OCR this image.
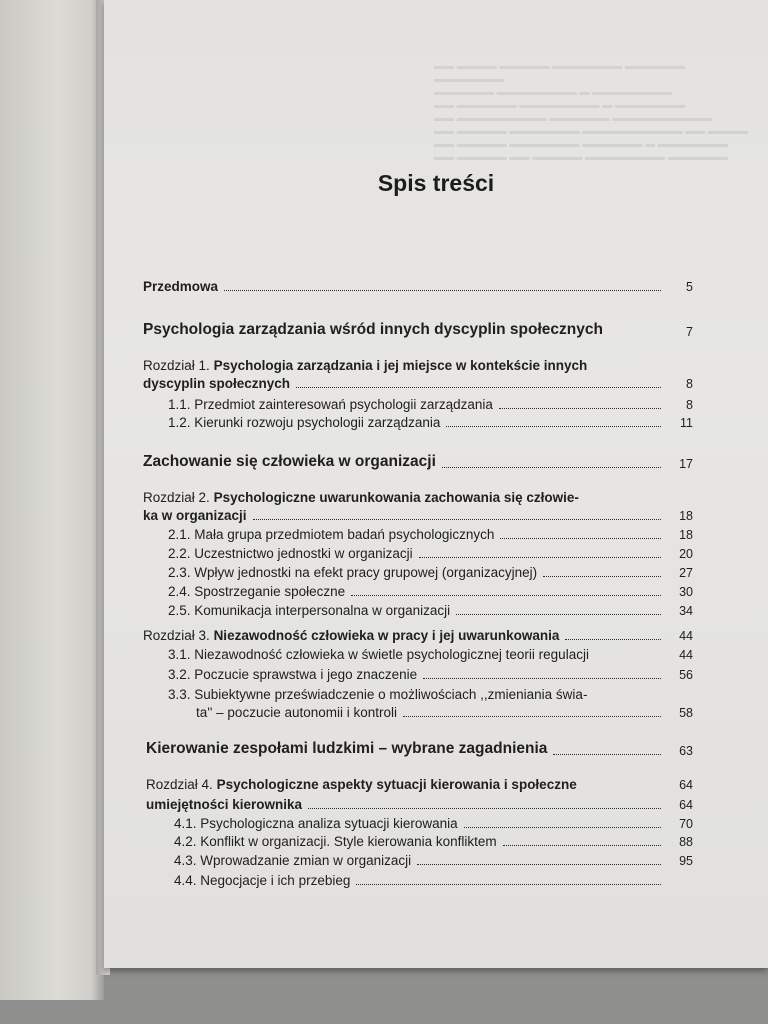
▬▬ ▬▬▬▬ ▬▬▬▬▬ ▬▬▬▬▬▬▬ ▬▬▬▬▬▬
▬▬▬▬▬▬▬
▬▬▬▬▬▬ ▬▬▬▬▬▬▬▬ ▬ ▬▬▬▬▬▬▬▬
▬▬ ▬▬▬▬▬▬ ▬▬▬▬▬▬▬▬ ▬ ▬▬▬▬▬▬▬
▬▬ ▬▬▬▬▬▬▬▬▬ ▬▬▬▬▬▬ ▬▬▬▬▬▬▬▬▬▬
▬▬ ▬▬▬▬▬ ▬▬▬▬▬▬▬ ▬▬▬▬▬▬▬▬▬▬ ▬▬ ▬▬▬▬
▬▬ ▬▬▬▬▬ ▬▬▬▬▬▬▬ ▬▬▬▬▬▬ ▬ ▬▬▬▬▬▬▬
▬▬ ▬▬▬▬▬ ▬▬ ▬▬▬▬▬ ▬▬▬▬▬▬▬▬ ▬▬▬▬▬▬
Spis treści
Przedmowa	5
Psychologia zarządzania wśród innych dyscyplin społecznych	7
Rozdział 1. Psychologia zarządzania i jej miejsce w kontekście innych
dyscyplin społecznych	8
1.1. Przedmiot zainteresowań psychologii zarządzania	8
1.2. Kierunki rozwoju psychologii zarządzania	11
Zachowanie się człowieka w organizacji	17
Rozdział 2. Psychologiczne uwarunkowania zachowania się człowie-
ka w organizacji	18
2.1. Mała grupa przedmiotem badań psychologicznych	18
2.2. Uczestnictwo jednostki w organizacji	20
2.3. Wpływ jednostki na efekt pracy grupowej (organizacyjnej)	27
2.4. Spostrzeganie społeczne	30
2.5. Komunikacja interpersonalna w organizacji	34
Rozdział 3. Niezawodność człowieka w pracy i jej uwarunkowania	44
3.1. Niezawodność człowieka w świetle psychologicznej teorii regulacji	44
3.2. Poczucie sprawstwa i jego znaczenie	56
3.3. Subiektywne przeświadczenie o możliwościach ,,zmieniania świa-
ta'' – poczucie autonomii i kontroli	58
Kierowanie zespołami ludzkimi – wybrane zagadnienia	63
Rozdział 4. Psychologiczne aspekty sytuacji kierowania i społeczne	64
umiejętności kierownika	64
4.1. Psychologiczna analiza sytuacji kierowania	70
4.2. Konflikt w organizacji. Style kierowania konfliktem	88
4.3. Wprowadzanie zmian w organizacji	95
4.4. Negocjacje i ich przebieg
